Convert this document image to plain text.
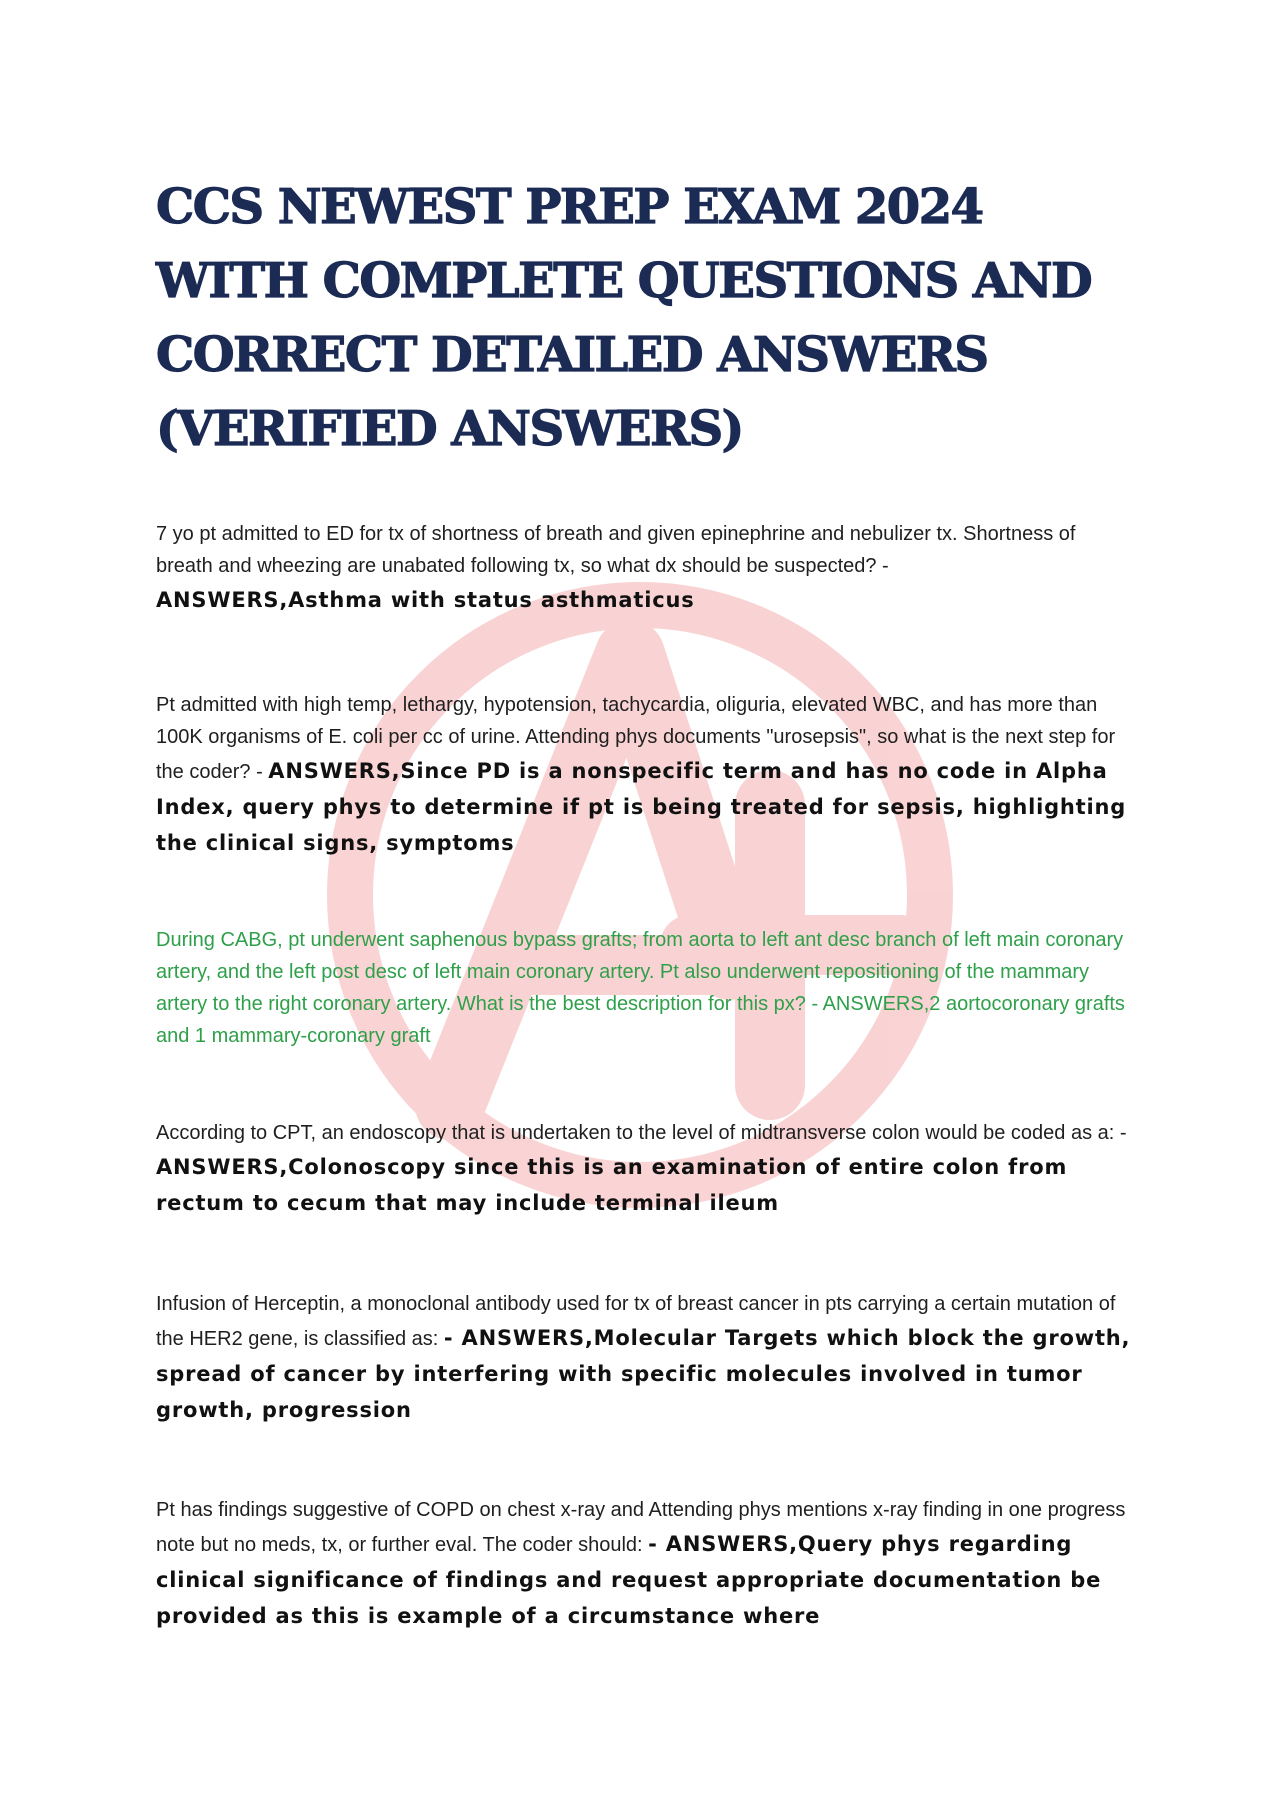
CCS NEWEST PREP EXAM 2024 WITH COMPLETE QUESTIONS AND CORRECT DETAILED ANSWERS (VERIFIED ANSWERS)

7 yo pt admitted to ED for tx of shortness of breath and given epinephrine and nebulizer tx. Shortness of breath and wheezing are unabated following tx, so what dx should be suspected? -
ANSWERS,Asthma with status asthmaticus

Pt admitted with high temp, lethargy, hypotension, tachycardia, oliguria, elevated WBC, and has more than 100K organisms of E. coli per cc of urine. Attending phys documents "urosepsis", so what is the next step for the coder? - ANSWERS,Since PD is a nonspecific term and has no code in Alpha Index, query phys to determine if pt is being treated for sepsis, highlighting the clinical signs, symptoms

During CABG, pt underwent saphenous bypass grafts; from aorta to left ant desc branch of left main coronary artery, and the left post desc of left main coronary artery. Pt also underwent repositioning of the mammary artery to the right coronary artery. What is the best description for this px? - ANSWERS,2 aortocoronary grafts and 1 mammary-coronary graft

According to CPT, an endoscopy that is undertaken to the level of midtransverse colon would be coded as a: - ANSWERS,Colonoscopy since this is an examination of entire colon from rectum to cecum that may include terminal ileum

Infusion of Herceptin, a monoclonal antibody used for tx of breast cancer in pts carrying a certain mutation of the HER2 gene, is classified as: - ANSWERS,Molecular Targets which block the growth, spread of cancer by interfering with specific molecules involved in tumor growth, progression

Pt has findings suggestive of COPD on chest x-ray and Attending phys mentions x-ray finding in one progress note but no meds, tx, or further eval. The coder should: - ANSWERS,Query phys regarding clinical significance of findings and request appropriate documentation be provided as this is example of a circumstance where
